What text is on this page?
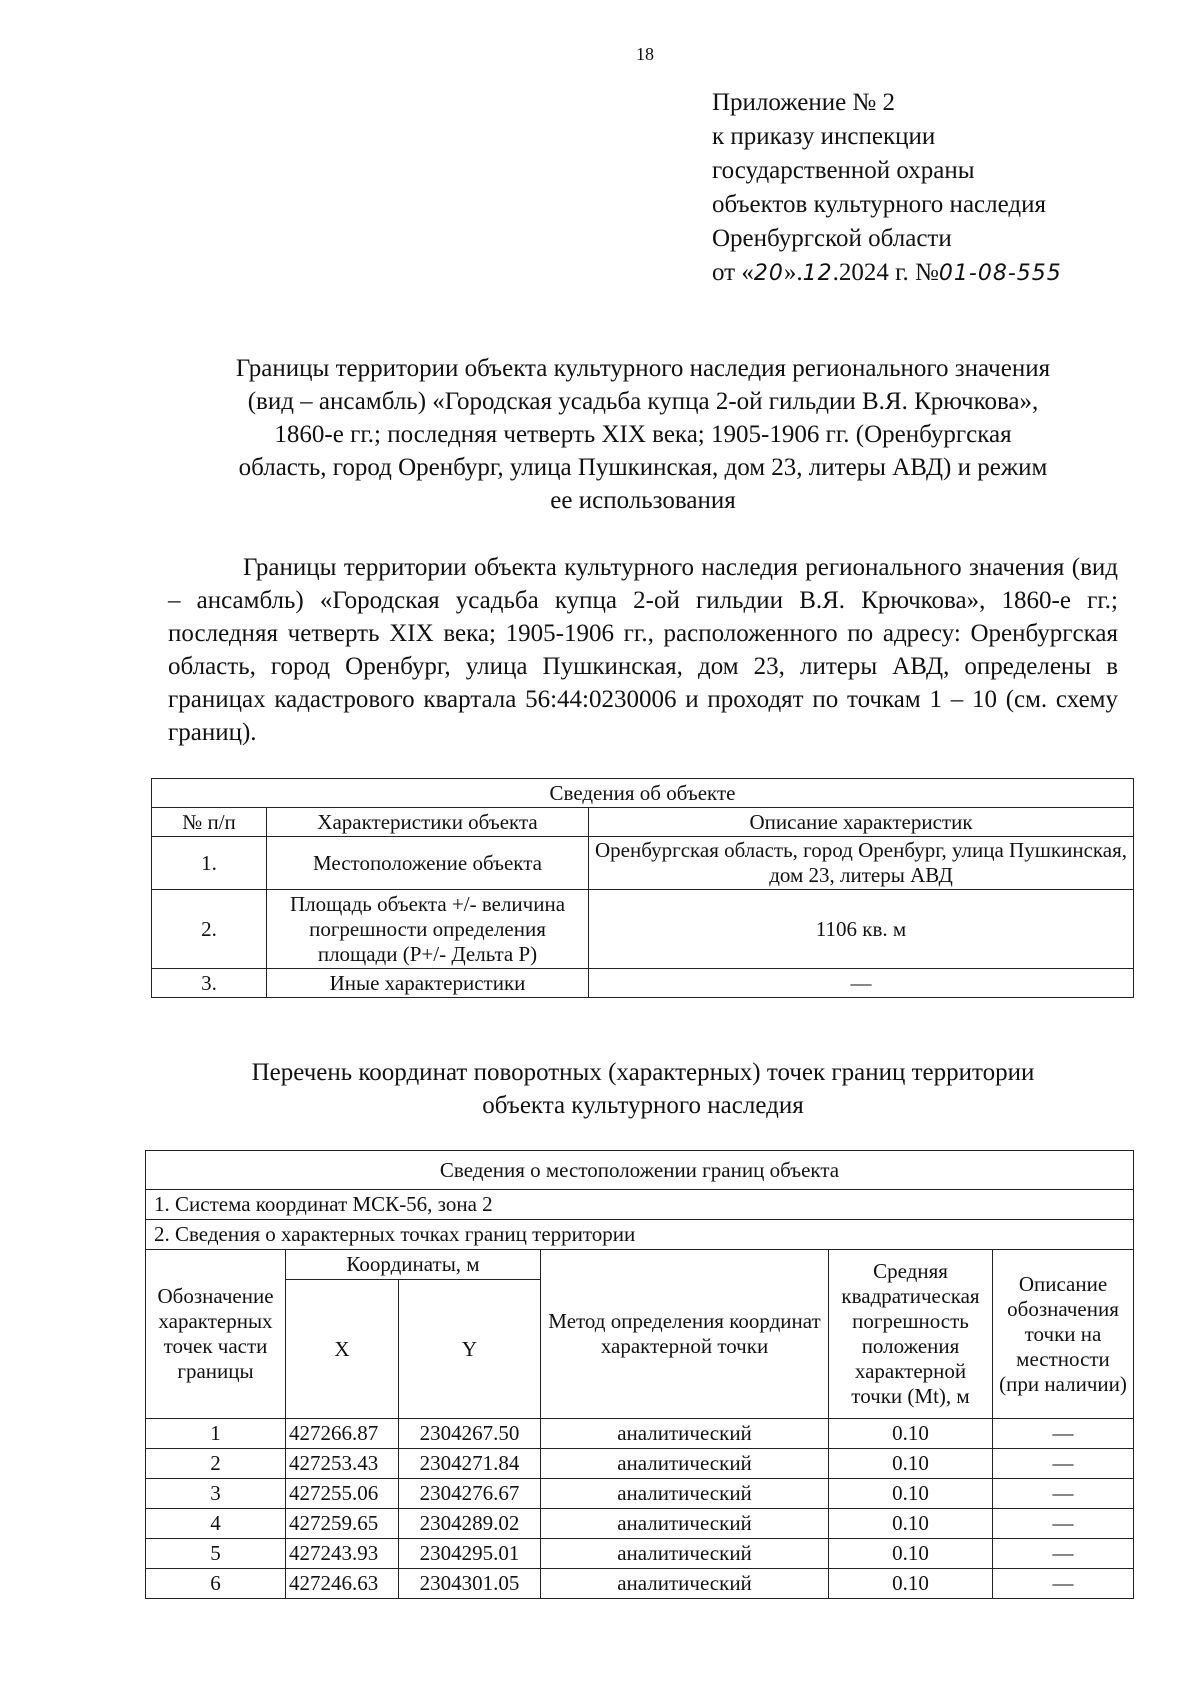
18
Приложение № 2
к приказу инспекции
государственной охраны
объектов культурного наследия
Оренбургской области
от «20».12.2024 г. №01-08-555
Границы территории объекта культурного наследия регионального значения
(вид – ансамбль) «Городская усадьба купца 2-ой гильдии В.Я. Крючкова»,
1860-е гг.; последняя четверть XIX века; 1905-1906 гг. (Оренбургская
область, город Оренбург, улица Пушкинская, дом 23, литеры АВД) и режим
ее использования
Границы территории объекта культурного наследия регионального значения (вид – ансамбль) «Городская усадьба купца 2-ой гильдии В.Я. Крючкова», 1860-е гг.; последняя четверть XIX века; 1905-1906 гг., расположенного по адресу: Оренбургская область, город Оренбург, улица Пушкинская, дом 23, литеры АВД, определены в границах кадастрового квартала 56:44:0230006 и проходят по точкам 1 – 10 (см. схему границ).
Сведения об объекте		
№ п/п	Характеристики объекта	Описание характеристик
1.	Местоположение объекта	Оренбургская область, город Оренбург, улица Пушкинская, дом 23, литеры АВД
2.	Площадь объекта +/- величина погрешности определения площади (Р+/- Дельта Р)	1106 кв. м
3.	Иные характеристики	—
Перечень координат поворотных (характерных) точек границ территории
объекта культурного наследия
Сведения о местоположении границ объекта					
1. Система координат МСК-56, зона 2					
2. Сведения о характерных точках границ территории					
Обозначение характерных точек части границы	Координаты, м		Метод определения координат характерной точки	Средняя квадратическая погрешность положения характерной точки (Mt), м	Описание обозначения точки на местности (при наличии)
	X	Y			
1	427266.87	2304267.50	аналитический	0.10	—
2	427253.43	2304271.84	аналитический	0.10	—
3	427255.06	2304276.67	аналитический	0.10	—
4	427259.65	2304289.02	аналитический	0.10	—
5	427243.93	2304295.01	аналитический	0.10	—
6	427246.63	2304301.05	аналитический	0.10	—
